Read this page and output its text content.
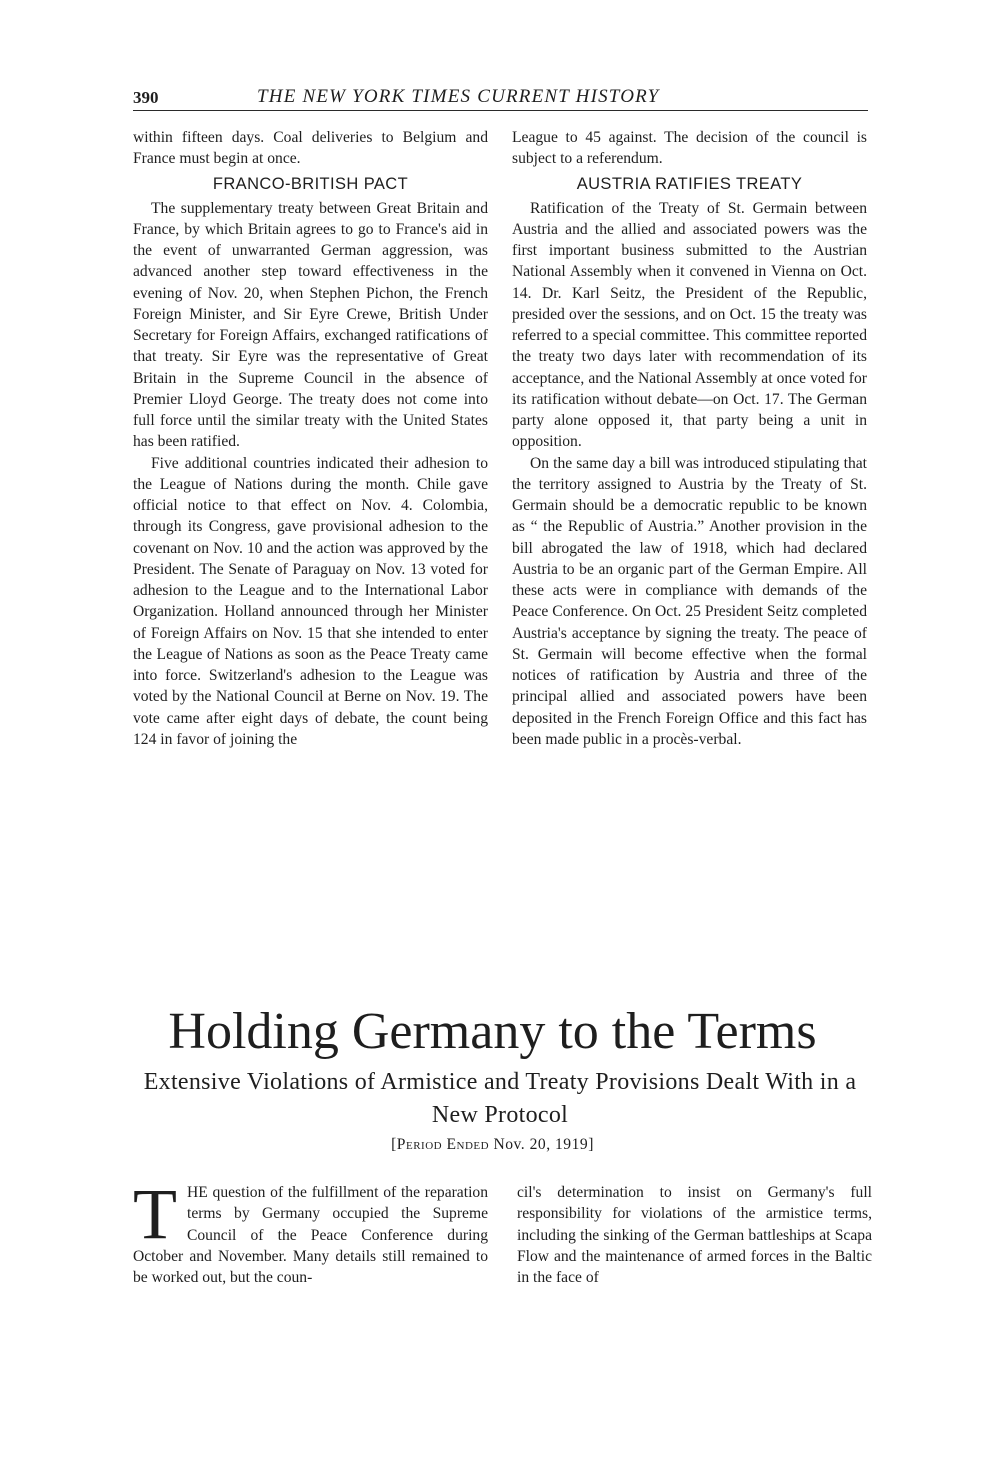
390	THE NEW YORK TIMES CURRENT HISTORY

within fifteen days. Coal deliveries to Belgium and France must begin at once.

FRANCO-BRITISH PACT

The supplementary treaty between Great Britain and France, by which Britain agrees to go to France's aid in the event of unwarranted German aggression, was advanced another step toward effectiveness in the evening of Nov. 20, when Stephen Pichon, the French Foreign Minister, and Sir Eyre Crewe, British Under Secretary for Foreign Affairs, exchanged ratifications of that treaty. Sir Eyre was the representative of Great Britain in the Supreme Council in the absence of Premier Lloyd George. The treaty does not come into full force until the similar treaty with the United States has been ratified.

Five additional countries indicated their adhesion to the League of Nations during the month. Chile gave official notice to that effect on Nov. 4. Colombia, through its Congress, gave provisional adhesion to the covenant on Nov. 10 and the action was approved by the President. The Senate of Paraguay on Nov. 13 voted for adhesion to the League and to the International Labor Organization. Holland announced through her Minister of Foreign Affairs on Nov. 15 that she intended to enter the League of Nations as soon as the Peace Treaty came into force. Switzerland's adhesion to the League was voted by the National Council at Berne on Nov. 19. The vote came after eight days of debate, the count being 124 in favor of joining the

League to 45 against. The decision of the council is subject to a referendum.

AUSTRIA RATIFIES TREATY

Ratification of the Treaty of St. Germain between Austria and the allied and associated powers was the first important business submitted to the Austrian National Assembly when it convened in Vienna on Oct. 14. Dr. Karl Seitz, the President of the Republic, presided over the sessions, and on Oct. 15 the treaty was referred to a special committee. This committee reported the treaty two days later with recommendation of its acceptance, and the National Assembly at once voted for its ratification without debate—on Oct. 17. The German party alone opposed it, that party being a unit in opposition.

On the same day a bill was introduced stipulating that the territory assigned to Austria by the Treaty of St. Germain should be a democratic republic to be known as “ the Republic of Austria.” Another provision in the bill abrogated the law of 1918, which had declared Austria to be an organic part of the German Empire. All these acts were in compliance with demands of the Peace Conference. On Oct. 25 President Seitz completed Austria's acceptance by signing the treaty. The peace of St. Germain will become effective when the formal notices of ratification by Austria and three of the principal allied and associated powers have been deposited in the French Foreign Office and this fact has been made public in a procès-verbal.

Holding Germany to the Terms
Extensive Violations of Armistice and Treaty Provisions Dealt With in a New Protocol
[Period Ended Nov. 20, 1919]

THE question of the fulfillment of the reparation terms by Germany occupied the Supreme Council of the Peace Conference during October and November. Many details still remained to be worked out, but the coun-

cil's determination to insist on Germany's full responsibility for violations of the armistice terms, including the sinking of the German battleships at Scapa Flow and the maintenance of armed forces in the Baltic in the face of
